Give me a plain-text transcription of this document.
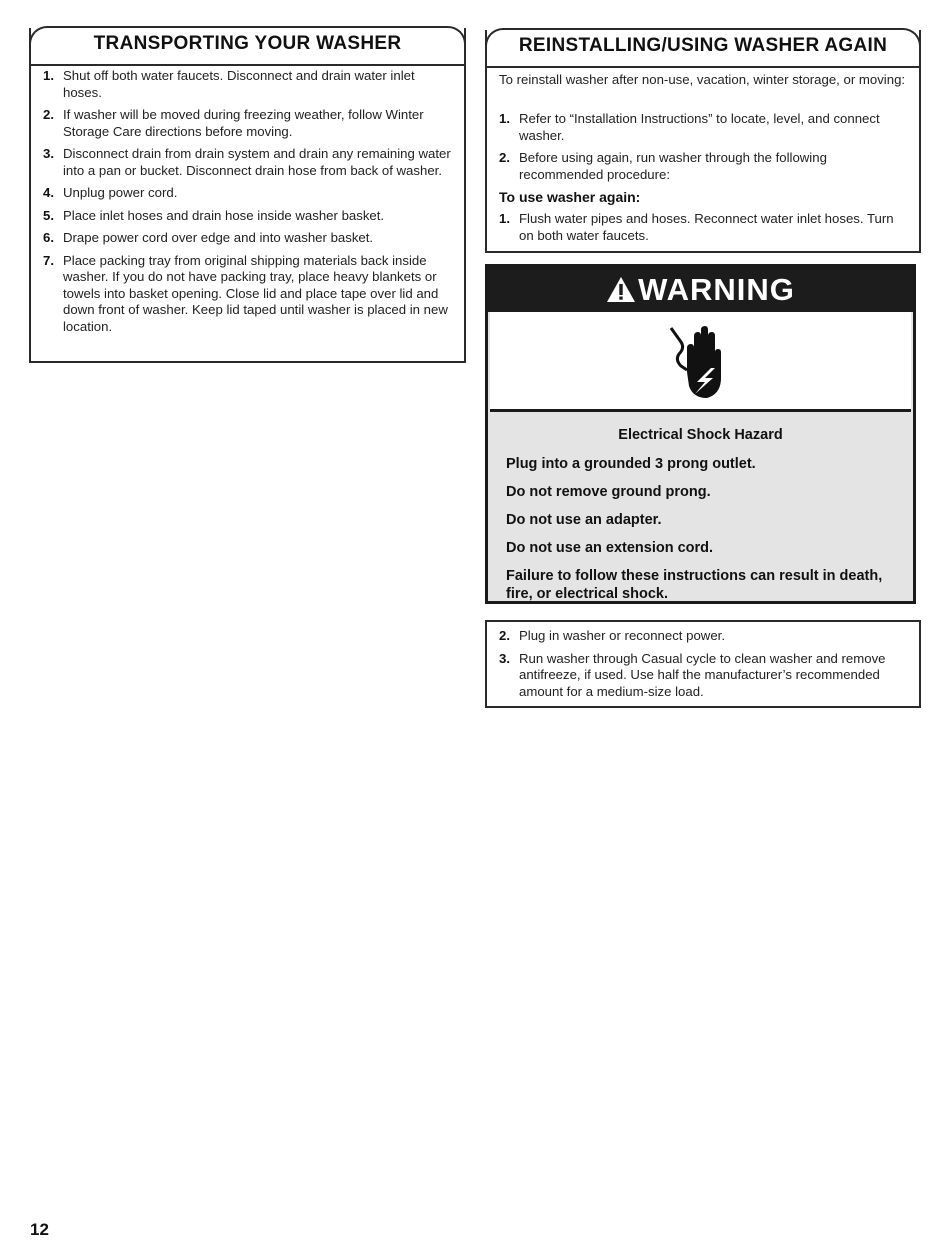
TRANSPORTING YOUR WASHER
1. Shut off both water faucets. Disconnect and drain water inlet hoses.
2. If washer will be moved during freezing weather, follow Winter Storage Care directions before moving.
3. Disconnect drain from drain system and drain any remaining water into a pan or bucket. Disconnect drain hose from back of washer.
4. Unplug power cord.
5. Place inlet hoses and drain hose inside washer basket.
6. Drape power cord over edge and into washer basket.
7. Place packing tray from original shipping materials back inside washer. If you do not have packing tray, place heavy blankets or towels into basket opening. Close lid and place tape over lid and down front of washer. Keep lid taped until washer is placed in new location.
REINSTALLING/USING WASHER AGAIN
To reinstall washer after non-use, vacation, winter storage, or moving:
1. Refer to “Installation Instructions” to locate, level, and connect washer.
2. Before using again, run washer through the following recommended procedure:
To use washer again:
1. Flush water pipes and hoses. Reconnect water inlet hoses. Turn on both water faucets.
WARNING
Electrical Shock Hazard
Plug into a grounded 3 prong outlet.
Do not remove ground prong.
Do not use an adapter.
Do not use an extension cord.
Failure to follow these instructions can result in death, fire, or electrical shock.
2. Plug in washer or reconnect power.
3. Run washer through Casual cycle to clean washer and remove antifreeze, if used. Use half the manufacturer’s recommended amount for a medium-size load.
12
